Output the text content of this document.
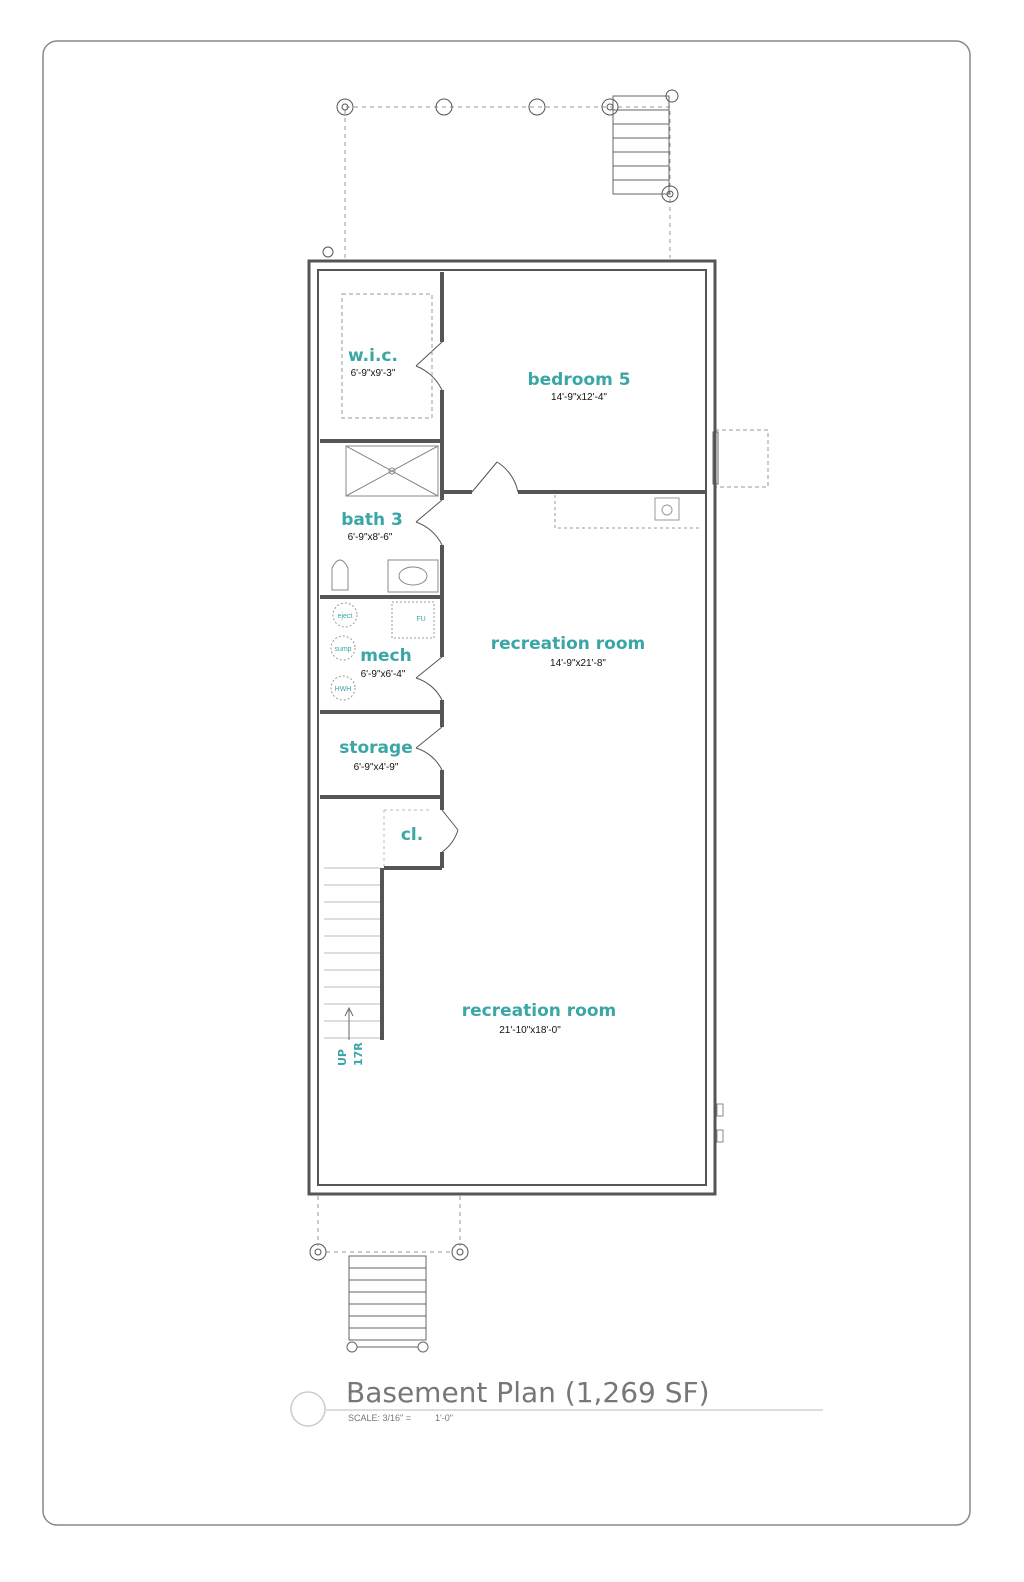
eject
sump
HWH
FU
UP 17R
w.i.c.
6'-9"x9'-3"	bedroom 5
14'-9"x12'-4"
bath 3
6'-9"x8'-6"
mech
6'-9"x6'-4"
recreation room
14'-9"x21'-8"
storage
6'-9"x4'-9"
cl.
recreation room
21'-10"x18'-0"
Basement Plan (1,269 SF)
SCALE: 3/16" =	1'-0"
